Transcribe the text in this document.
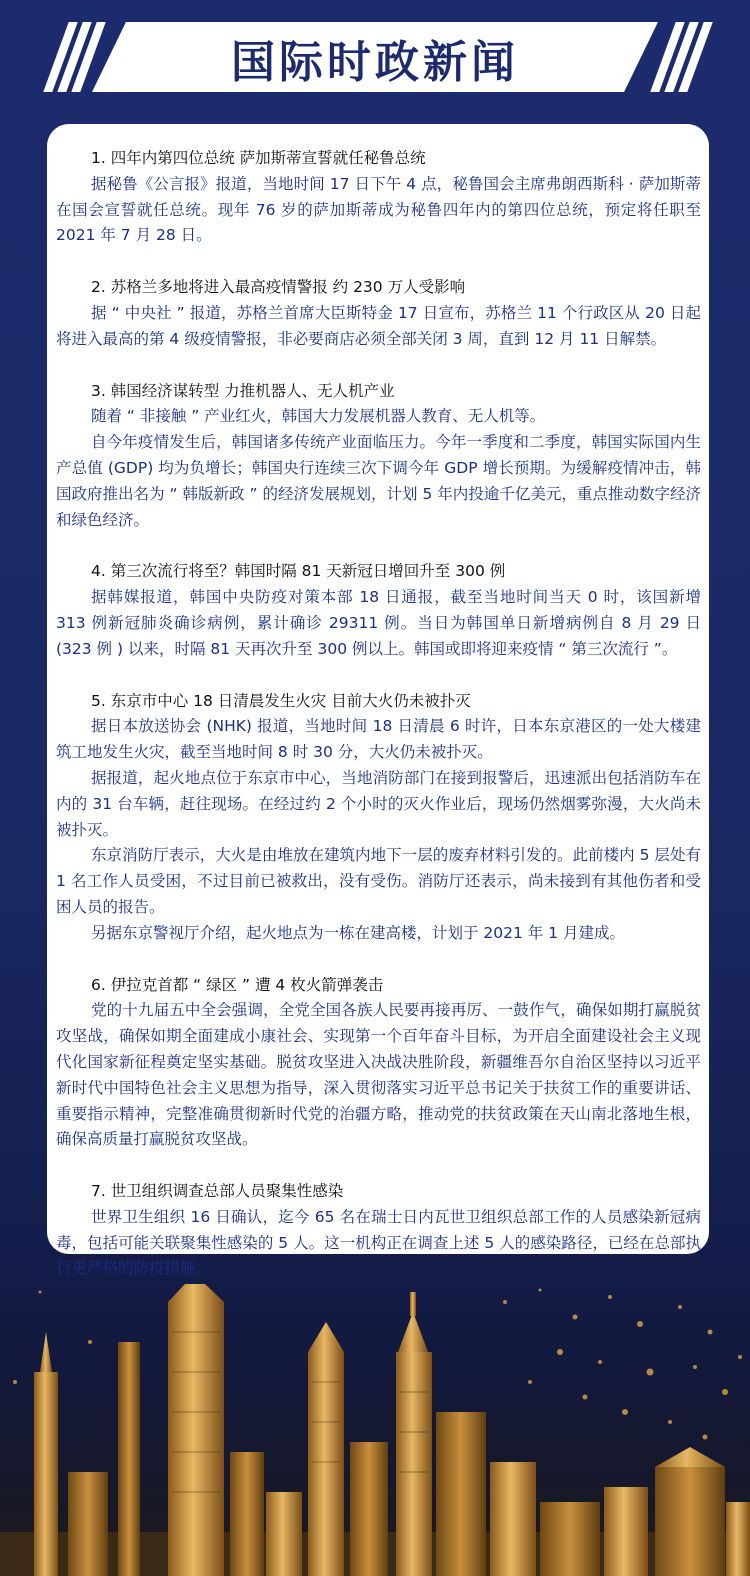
国际时政新闻
1. 四年内第四位总统 萨加斯蒂宣誓就任秘鲁总统

据秘鲁《公言报》报道，当地时间 17 日下午 4 点，秘鲁国会主席弗朗西斯科 · 萨加斯蒂在国会宣誓就任总统。现年 76 岁的萨加斯蒂成为秘鲁四年内的第四位总统，预定将任职至 2021 年 7 月 28 日。

2. 苏格兰多地将进入最高疫情警报 约 230 万人受影响

据 “ 中央社 ” 报道，苏格兰首席大臣斯特金 17 日宣布，苏格兰 11 个行政区从 20 日起将进入最高的第 4 级疫情警报，非必要商店必须全部关闭 3 周，直到 12 月 11 日解禁。

3. 韩国经济谋转型 力推机器人、无人机产业

随着 “ 非接触 ” 产业红火，韩国大力发展机器人教育、无人机等。

自今年疫情发生后，韩国诸多传统产业面临压力。今年一季度和二季度，韩国实际国内生产总值 (GDP) 均为负增长；韩国央行连续三次下调今年 GDP 增长预期。为缓解疫情冲击，韩国政府推出名为 “ 韩版新政 ” 的经济发展规划，计划 5 年内投逾千亿美元，重点推动数字经济和绿色经济。

4. 第三次流行将至？韩国时隔 81 天新冠日增回升至 300 例

据韩媒报道，韩国中央防疫对策本部 18 日通报，截至当地时间当天 0 时，该国新增 313 例新冠肺炎确诊病例，累计确诊 29311 例。当日为韩国单日新增病例自 8 月 29 日 (323 例 ) 以来，时隔 81 天再次升至 300 例以上。韩国或即将迎来疫情 “ 第三次流行 ”。

5. 东京市中心 18 日清晨发生火灾 目前大火仍未被扑灭

据日本放送协会 (NHK) 报道，当地时间 18 日清晨 6 时许，日本东京港区的一处大楼建筑工地发生火灾，截至当地时间 8 时 30 分，大火仍未被扑灭。

据报道，起火地点位于东京市中心，当地消防部门在接到报警后，迅速派出包括消防车在内的 31 台车辆，赶往现场。在经过约 2 个小时的灭火作业后，现场仍然烟雾弥漫，大火尚未被扑灭。

东京消防厅表示，大火是由堆放在建筑内地下一层的废弃材料引发的。此前楼内 5 层处有 1 名工作人员受困，不过目前已被救出，没有受伤。消防厅还表示，尚未接到有其他伤者和受困人员的报告。

另据东京警视厅介绍，起火地点为一栋在建高楼，计划于 2021 年 1 月建成。

6. 伊拉克首都 “ 绿区 ” 遭 4 枚火箭弹袭击

党的十九届五中全会强调，全党全国各族人民要再接再厉、一鼓作气，确保如期打赢脱贫攻坚战，确保如期全面建成小康社会、实现第一个百年奋斗目标，为开启全面建设社会主义现代化国家新征程奠定坚实基础。脱贫攻坚进入决战决胜阶段，新疆维吾尔自治区坚持以习近平新时代中国特色社会主义思想为指导，深入贯彻落实习近平总书记关于扶贫工作的重要讲话、重要指示精神，完整准确贯彻新时代党的治疆方略，推动党的扶贫政策在天山南北落地生根，确保高质量打赢脱贫攻坚战。

7. 世卫组织调查总部人员聚集性感染

世界卫生组织 16 日确认，迄今 65 名在瑞士日内瓦世卫组织总部工作的人员感染新冠病毒，包括可能关联聚集性感染的 5 人。这一机构正在调查上述 5 人的感染路径，已经在总部执
